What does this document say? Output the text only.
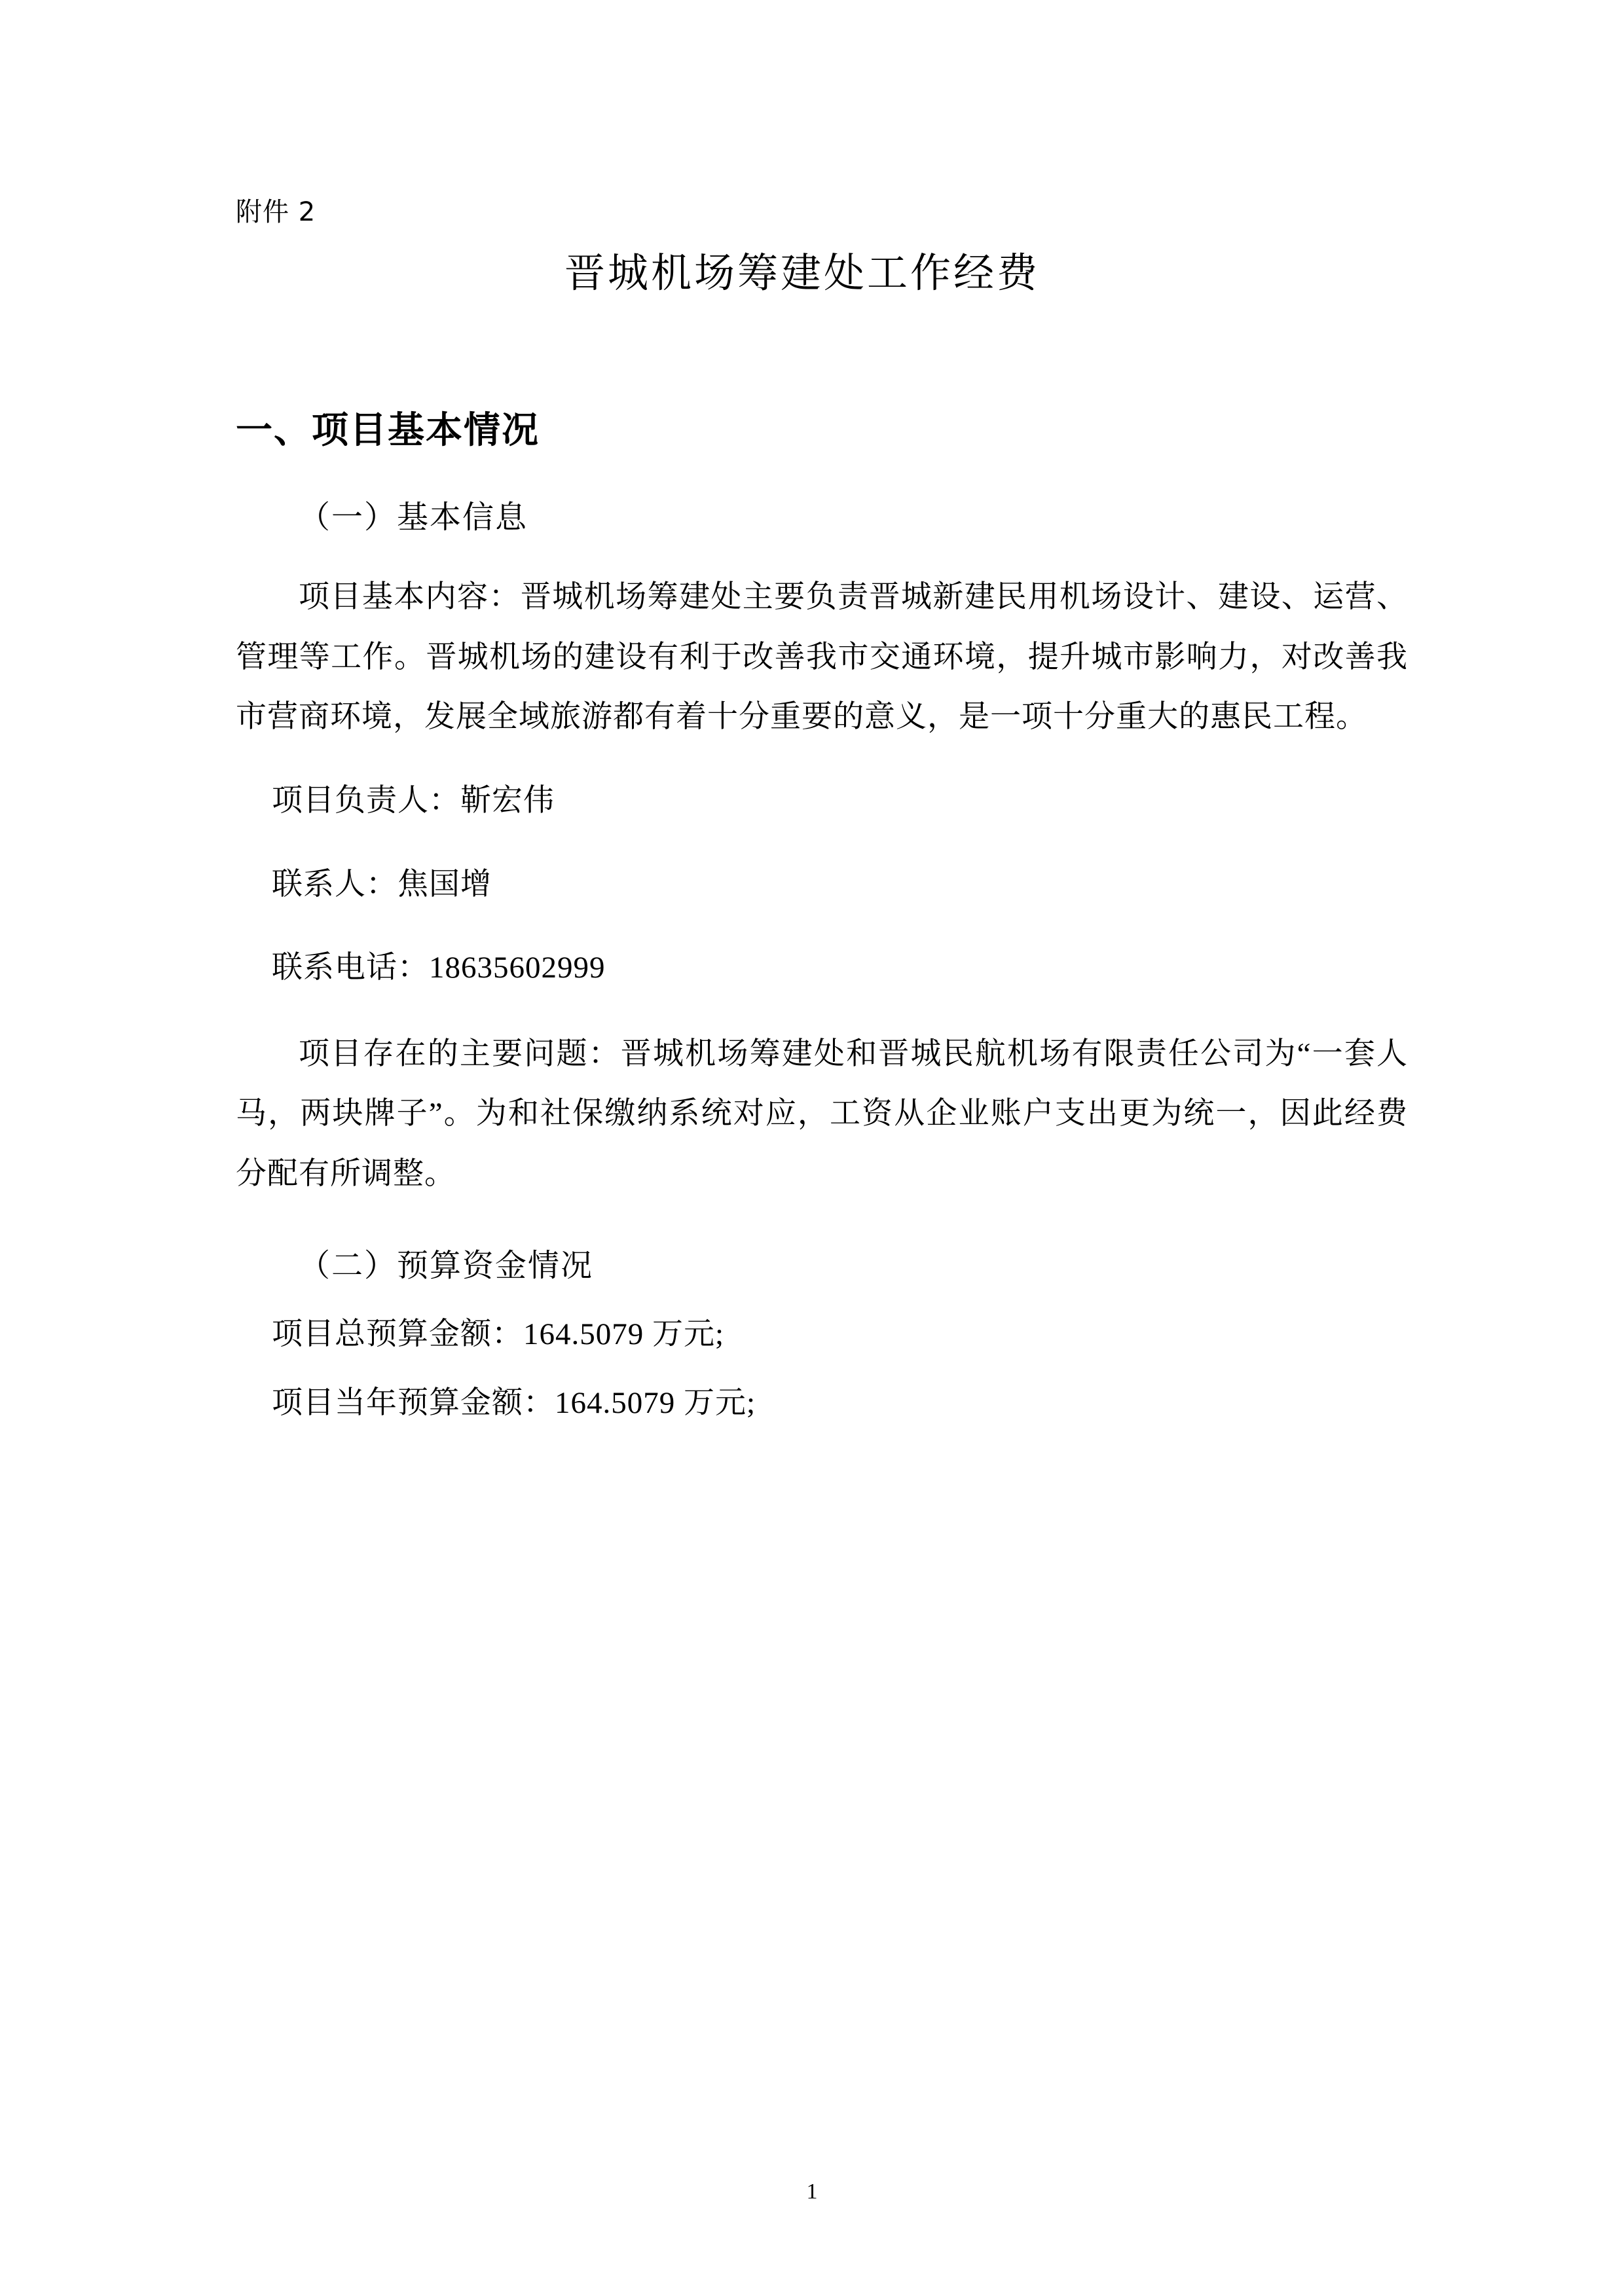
附件 2
晋城机场筹建处工作经费
一、项目基本情况
（一）基本信息

项目基本内容：晋城机场筹建处主要负责晋城新建民用机场设计、建设、运营、管理等工作。晋城机场的建设有利于改善我市交通环境，提升城市影响力，对改善我市营商环境，发展全域旅游都有着十分重要的意义，是一项十分重大的惠民工程。

项目负责人：靳宏伟

联系人：焦国增

联系电话：18635602999

项目存在的主要问题：晋城机场筹建处和晋城民航机场有限责任公司为“一套人马，两块牌子”。为和社保缴纳系统对应，工资从企业账户支出更为统一，因此经费分配有所调整。

（二）预算资金情况

项目总预算金额：164.5079 万元;

项目当年预算金额：164.5079 万元;

1
